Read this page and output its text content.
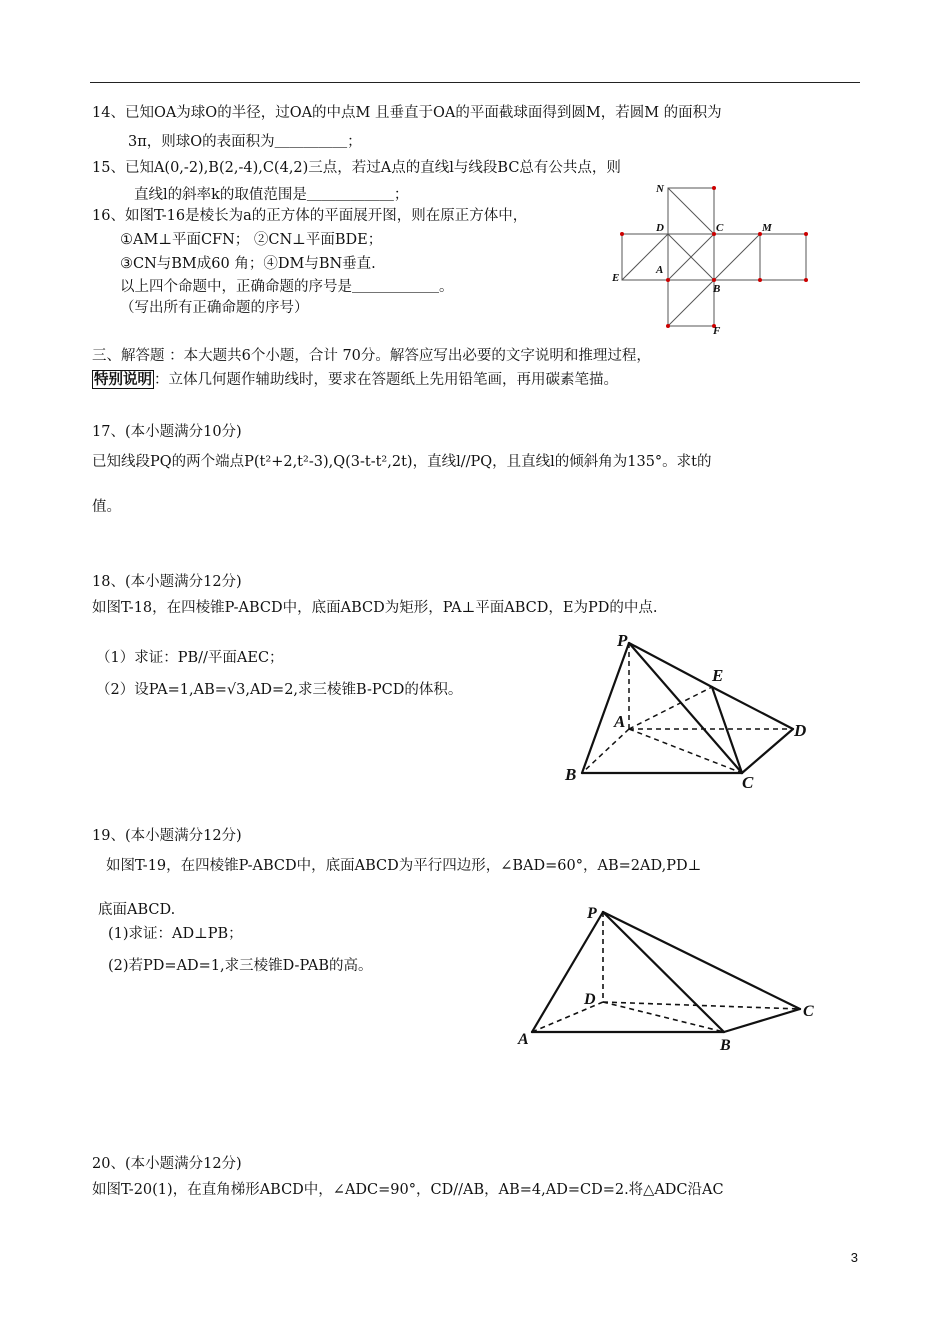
14、已知OA为球O的半径，过OA的中点M 且垂直于OA的平面截球面得到圆M，若圆M 的面积为
3π，则球O的表面积为＿＿＿＿＿；
15、已知A(0,-2),B(2,-4),C(4,2)三点，若过A点的直线l与线段BC总有公共点，则
直线l的斜率k的取值范围是＿＿＿＿＿＿；
16、如图T-16是棱长为a的正方体的平面展开图，则在原正方体中，
①AM⊥平面CFN； ②CN⊥平面BDE；
③CN与BM成60 角；④DM与BN垂直.
以上四个命题中，正确命题的序号是＿＿＿＿＿＿。
（写出所有正确命题的序号）
N
D	C	M
E
A
B
F
三、解答题 ：本大题共6个小题，合计 70分。解答应写出必要的文字说明和推理过程，
特别说明 ：立体几何题作辅助线时，要求在答题纸上先用铅笔画，再用碳素笔描。
17、(本小题满分10分)
已知线段PQ的两个端点P(t²+2,t²-3),Q(3-t-t²,2t)，直线l//PQ，且直线l的倾斜角为135°。求t的
值。
18、(本小题满分12分)
如图T-18，在四棱锥P-ABCD中，底面ABCD为矩形，PA⊥平面ABCD，E为PD的中点.
（1）求证：PB//平面AEC；
（2）设PA=1,AB=√3,AD=2,求三棱锥B-PCD的体积。
P
E
A	D
B	C
19、(本小题满分12分)
如图T-19，在四棱锥P-ABCD中，底面ABCD为平行四边形，∠BAD=60°，AB=2AD,PD⊥
底面ABCD.
(1)求证：AD⊥PB；
(2)若PD=AD=1,求三棱锥D-PAB的高。
P
D
C
A	B
20、(本小题满分12分)
如图T-20(1)，在直角梯形ABCD中，∠ADC=90°，CD//AB，AB=4,AD=CD=2.将△ADC沿AC
3
